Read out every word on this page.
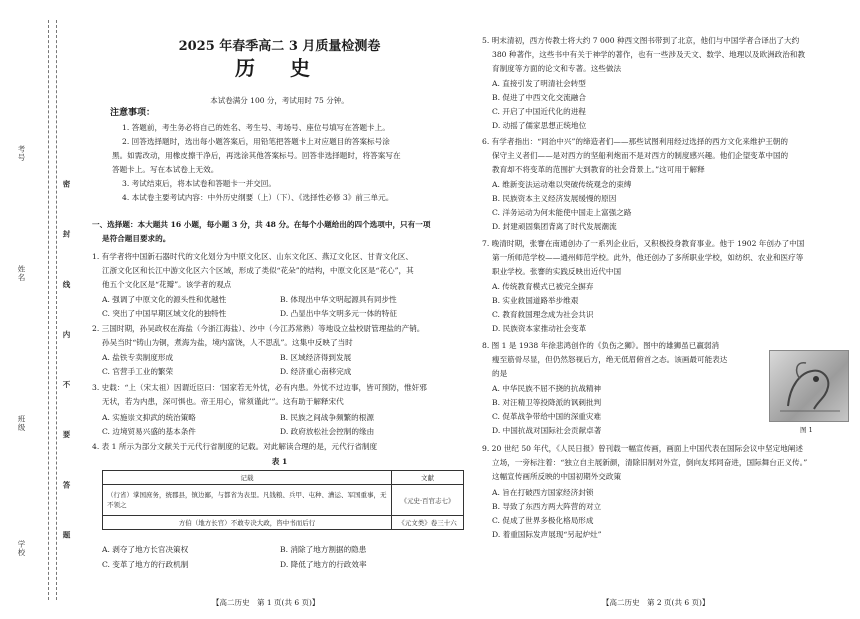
考号
姓名
班级
学校	密 封 线 内 不 要 答 题
2025 年春季高二 3 月质量检测卷
历 史
本试卷满分 100 分，考试用时 75 分钟。
注意事项：
1. 答题前，考生务必将自己的姓名、考生号、考场号、座位号填写在答题卡上。
2. 回答选择题时，选出每小题答案后，用铅笔把答题卡上对应题目的答案标号涂
黑。如需改动，用橡皮擦干净后，再选涂其他答案标号。回答非选择题时，将答案写在
答题卡上。写在本试卷上无效。
3. 考试结束后，将本试卷和答题卡一并交回。
4. 本试卷主要考试内容：中外历史纲要（上）（下）、《选择性必修 3》前三单元。
一、选择题：本大题共 16 小题，每小题 3 分，共 48 分。在每个小题给出的四个选项中，只有一项
是符合题目要求的。
1. 有学者将中国新石器时代的文化划分为中原文化区、山东文化区、燕辽文化区、甘青文化区、
江浙文化区和长江中游文化区六个区域，形成了类似“花朵”的结构，中原文化区是“花心”，其
他五个文化区是“花瓣”。该学者的观点
A. 强调了中原文化的源头性和优越性	B. 体现出中华文明起源具有同步性
C. 突出了中国早期区域文化的独特性	D. 凸显出中华文明多元一体的特征
2. 三国时期，孙吴政权在海盐（今浙江海盐）、沙中（今江苏常熟）等地设立盐校尉管理盐的产销。
孙吴当时“铸山为铜，煮海为盐，境内富饶，人不思乱”。这集中反映了当时
A. 盐铁专卖制度形成	B. 区域经济得到发展
C. 官营手工业的繁荣	D. 经济重心南移完成
3. 史载：“上（宋太祖）因谓近臣曰：‘国家若无外忧，必有内患。外忧不过边事，皆可预防，惟奸邪
无状，若为内患，深可惧也。帝王用心，常须谨此’”。这有助于解释宋代
A. 实施崇文抑武的统治策略	B. 民族之间战争频繁的根源
C. 边境贸易兴盛的基本条件	D. 政府放松社会控制的缘由
4. 表 1 所示为部分文献关于元代行省制度的记载。对此解读合理的是，元代行省制度
表 1
记载	文献
（行省）掌国庶务，统郡县，镇边鄙，与都省为表里。凡钱粮、兵甲、屯种、漕运、军国重事，无不领之	《元史·百官志七》
方伯（地方长官）不敢专决大政，咨中书而后行	《元文类》卷三十六
A. 剥夺了地方长官决策权	B. 消除了地方割据的隐患
C. 变革了地方的行政机制	D. 降低了地方的行政效率
【高二历史　第 1 页(共 6 页)】
5. 明末清初，西方传教士将大约 7 000 种西文图书带到了北京，他们与中国学者合译出了大约
380 种著作，这些书中有关于神学的著作，也有一些涉及天文、数学、地理以及欧洲政治和教
育制度等方面的论文和专著。这些做法
A. 直接引发了明清社会转型
B. 促进了中西文化交流融合
C. 开启了中国近代化的进程
D. 动摇了儒家思想正统地位
6. 有学者指出：“同治中兴”的缔造者们——那些试图利用经过选择的西方文化来维护王朝的
保守主义者们——是对西方的坚船利炮而不是对西方的制度感兴趣。他们企望变革中国的
教育却不将变革的范围扩大到教育的社会背景上。”这可用于解释
A. 维新变法运动难以突破传统观念的束缚
B. 民族资本主义经济发展缓慢的原因
C. 洋务运动为何未能使中国走上富强之路
D. 封建顽固集团背离了时代发展潮流
7. 晚清时期，张謇在南通创办了一系列企业后，又积极投身教育事业。他于 1902 年创办了中国
第一所师范学校——通州师范学校。此外，他还创办了多所职业学校，如纺织、农业和医疗等
职业学校。张謇的实践反映出近代中国
A. 传统教育模式已被完全摒弃
B. 实业救国道路举步维艰
C. 教育救国理念成为社会共识
D. 民族资本家推动社会变革
8. 图 1 是 1938 年徐悲鸿创作的《负伤之狮》。图中的雄狮虽已羸弱消
瘦至筋骨尽显，但仍然怒视后方，绝无低眉俯首之态。该画最可能表达
的是
A. 中华民族不屈不挠的抗战精神
B. 对汪精卫等投降派的讽刺批判
C. 促革战争带给中国的深重灾难
D. 中国抗战对国际社会贡献卓著	图 1
9. 20 世纪 50 年代，《人民日报》曾刊载一幅宣传画，画面上中国代表在国际会议中坚定地阐述
立场，一旁标注着：“独立自主展新颜，清除旧制对外宣，倒向友邦同奋进，国际舞台正义传。”
这幅宣传画所反映的中国初期外交政策
A. 旨在打破西方国家经济封锁
B. 导致了东西方两大阵营的对立
C. 促成了世界多极化格局形成
D. 着重国际发声展现“另起炉灶”
【高二历史　第 2 页(共 6 页)】
